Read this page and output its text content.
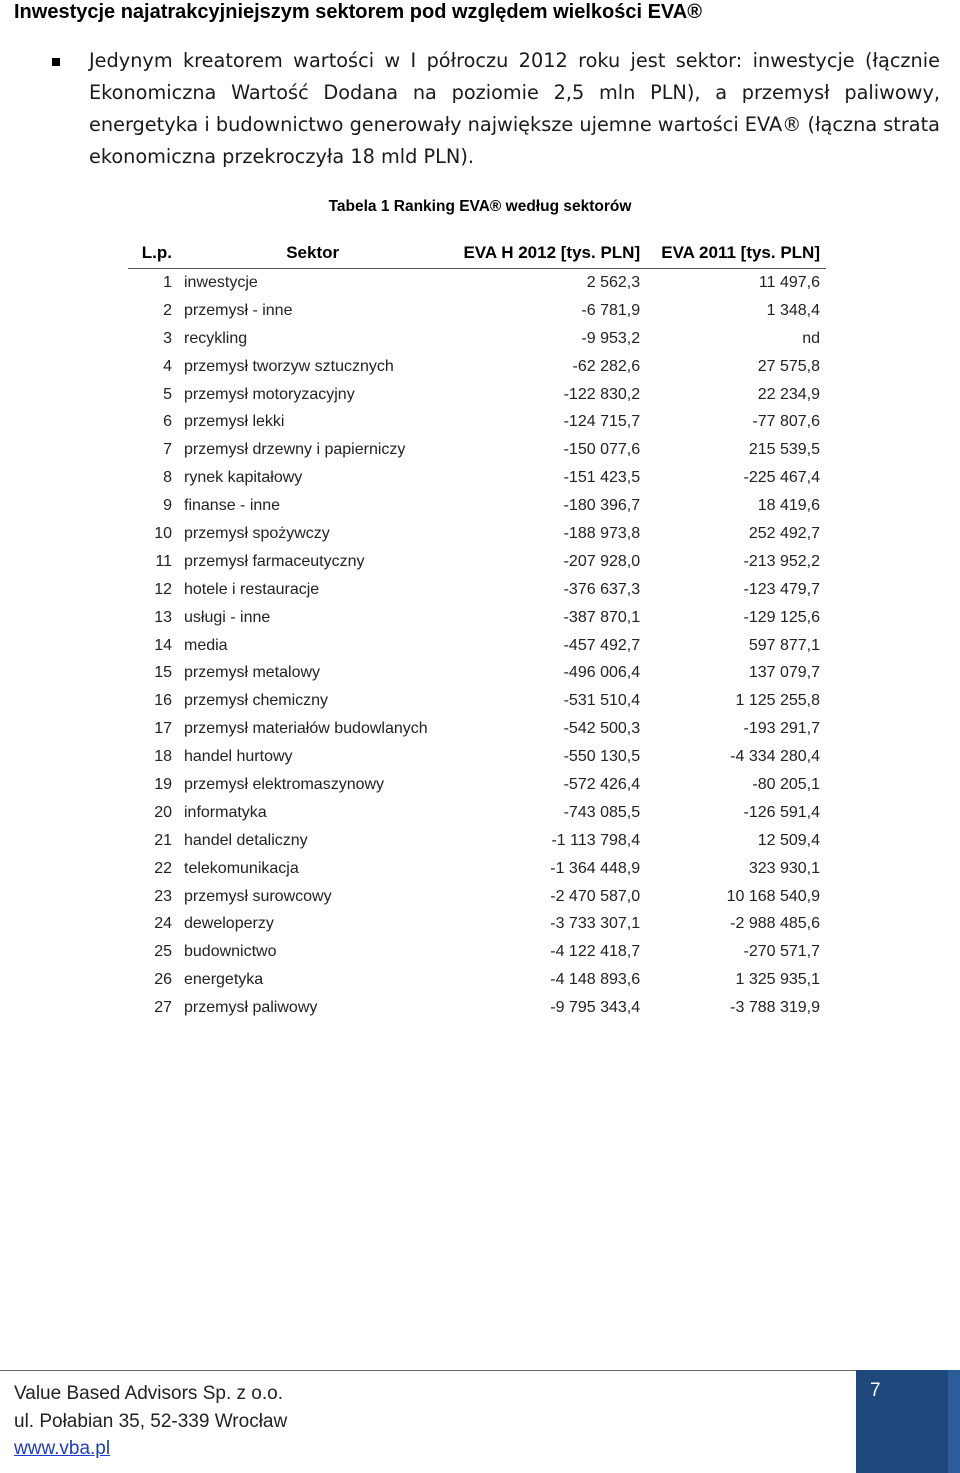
Inwestycje najatrakcyjniejszym sektorem pod względem wielkości EVA®
Jedynym kreatorem wartości w I półroczu 2012 roku jest sektor: inwestycje (łącznie Ekonomiczna Wartość Dodana na poziomie 2,5 mln PLN), a przemysł paliwowy, energetyka i budownictwo generowały największe ujemne wartości EVA® (łączna strata ekonomiczna przekroczyła 18 mld PLN).
Tabela 1 Ranking EVA® według sektorów
L.p.	Sektor	EVA H 2012 [tys. PLN]	EVA 2011 [tys. PLN]
1	inwestycje	2 562,3	11 497,6
2	przemysł - inne	-6 781,9	1 348,4
3	recykling	-9 953,2	nd
4	przemysł tworzyw sztucznych	-62 282,6	27 575,8
5	przemysł motoryzacyjny	-122 830,2	22 234,9
6	przemysł lekki	-124 715,7	-77 807,6
7	przemysł drzewny i papierniczy	-150 077,6	215 539,5
8	rynek kapitałowy	-151 423,5	-225 467,4
9	finanse - inne	-180 396,7	18 419,6
10	przemysł spożywczy	-188 973,8	252 492,7
11	przemysł farmaceutyczny	-207 928,0	-213 952,2
12	hotele i restauracje	-376 637,3	-123 479,7
13	usługi - inne	-387 870,1	-129 125,6
14	media	-457 492,7	597 877,1
15	przemysł metalowy	-496 006,4	137 079,7
16	przemysł chemiczny	-531 510,4	1 125 255,8
17	przemysł materiałów budowlanych	-542 500,3	-193 291,7
18	handel hurtowy	-550 130,5	-4 334 280,4
19	przemysł elektromaszynowy	-572 426,4	-80 205,1
20	informatyka	-743 085,5	-126 591,4
21	handel detaliczny	-1 113 798,4	12 509,4
22	telekomunikacja	-1 364 448,9	323 930,1
23	przemysł surowcowy	-2 470 587,0	10 168 540,9
24	deweloperzy	-3 733 307,1	-2 988 485,6
25	budownictwo	-4 122 418,7	-270 571,7
26	energetyka	-4 148 893,6	1 325 935,1
27	przemysł paliwowy	-9 795 343,4	-3 788 319,9
Value Based Advisors Sp. z o.o.
ul. Połabian 35, 52-339 Wrocław
www.vba.pl
7
